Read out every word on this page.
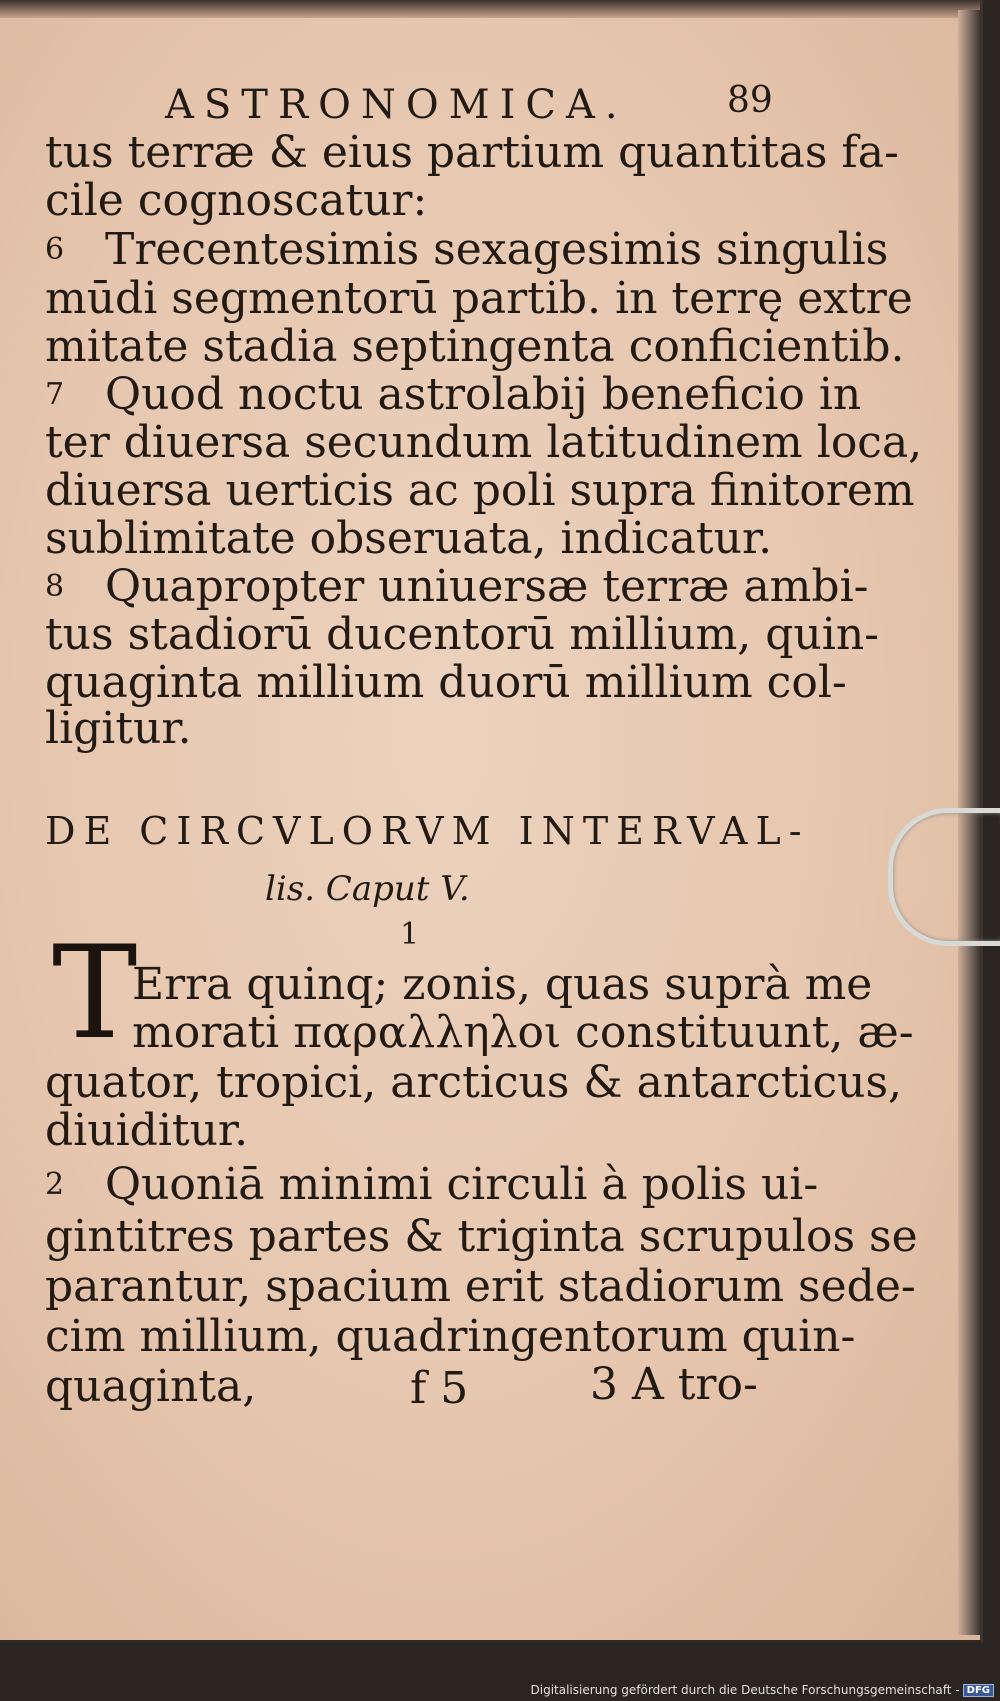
ASTRONOMICA.	89
tus terræ & eius partium quantitas fa-
cile cognoscatur:
6 Trecentesimis sexagesimis singulis
mūdi segmentorū partib. in terrę extre
mitate stadia septingenta conficientib.
7 Quod noctu astrolabij beneficio in
ter diuersa secundum latitudinem loca,
diuersa uerticis ac poli supra finitorem
sublimitate obseruata, indicatur.
8 Quapropter uniuersæ terræ ambi-
tus stadiorū ducentorū millium, quin-
quaginta millium duorū millium col-
ligitur.
DE CIRCVLORVM INTERVAL-
lis. Caput V.
1
T
Erra quinq; zonis, quas suprà me
morati παραλληλοι constituunt, æ-
quator, tropici, arcticus & antarcticus,
diuiditur.
2 Quoniā minimi circuli à polis ui-
gintitres partes & triginta scrupulos se
parantur, spacium erit stadiorum sede-
cim millium, quadringentorum quin-
quaginta,	f 5	3 A tro-
Digitalisierung gefördert durch die Deutsche Forschungsgemeinschaft - DFG
